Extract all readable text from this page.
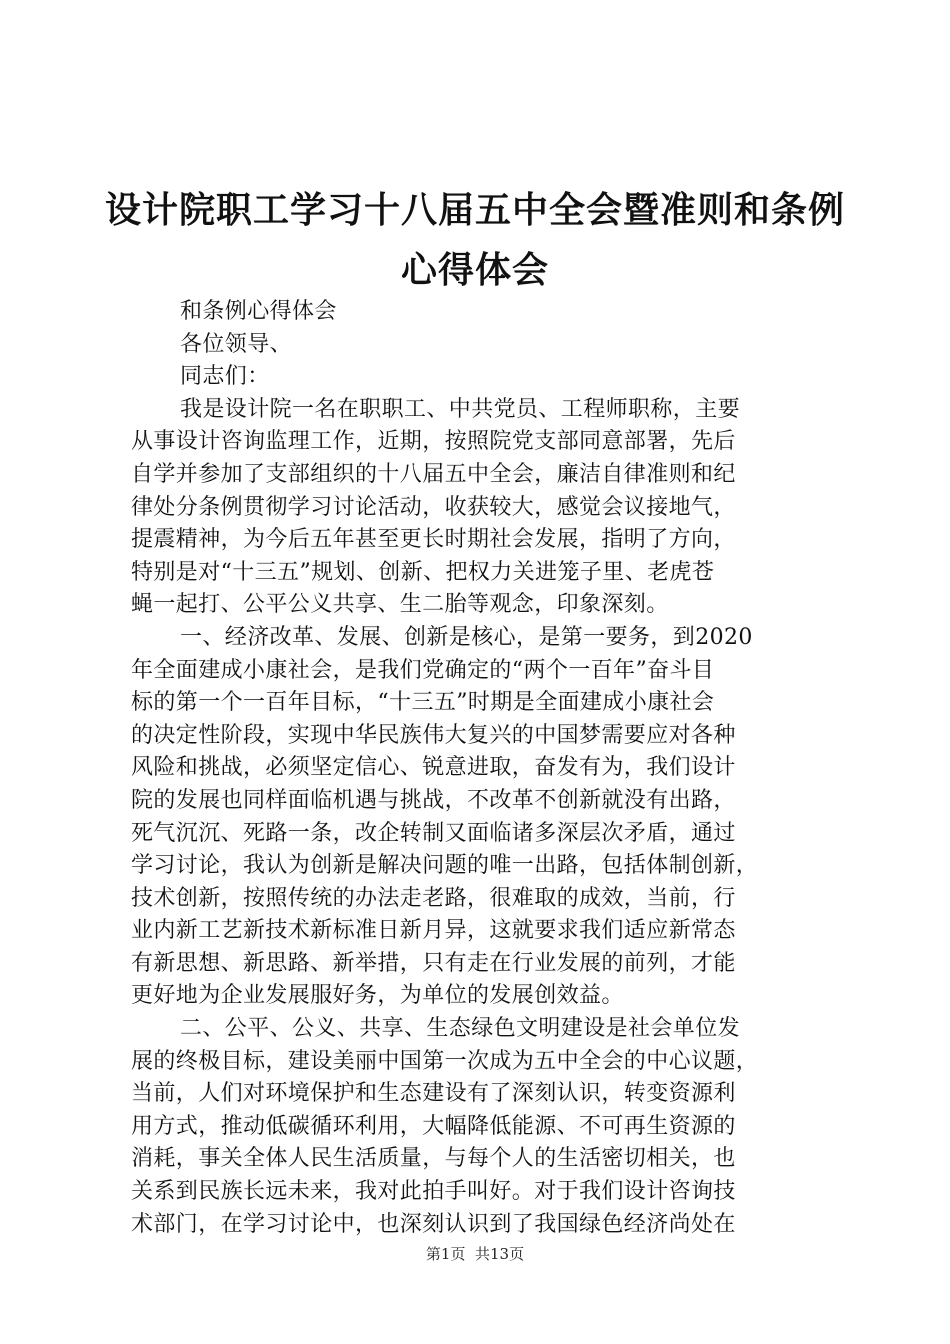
设计院职工学习十八届五中全会暨准则和条例
心得体会
和条例心得体会
各位领导、
同志们：
我是设计院一名在职职工、中共党员、工程师职称，主要
从事设计咨询监理工作，近期，按照院党支部同意部署，先后
自学并参加了支部组织的十八届五中全会，廉洁自律准则和纪
律处分条例贯彻学习讨论活动，收获较大，感觉会议接地气，
提震精神，为今后五年甚至更长时期社会发展，指明了方向，
特别是对“十三五”规划、创新、把权力关进笼子里、老虎苍
蝇一起打、公平公义共享、生二胎等观念，印象深刻。
一、经济改革、发展、创新是核心，是第一要务，到2020
年全面建成小康社会，是我们党确定的“两个一百年”奋斗目
标的第一个一百年目标，“十三五”时期是全面建成小康社会
的决定性阶段，实现中华民族伟大复兴的中国梦需要应对各种
风险和挑战，必须坚定信心、锐意进取，奋发有为，我们设计
院的发展也同样面临机遇与挑战，不改革不创新就没有出路，
死气沉沉、死路一条，改企转制又面临诸多深层次矛盾，通过
学习讨论，我认为创新是解决问题的唯一出路，包括体制创新，
技术创新，按照传统的办法走老路，很难取的成效，当前，行
业内新工艺新技术新标准日新月异，这就要求我们适应新常态
有新思想、新思路、新举措，只有走在行业发展的前列，才能
更好地为企业发展服好务，为单位的发展创效益。
二、公平、公义、共享、生态绿色文明建设是社会单位发
展的终极目标，建设美丽中国第一次成为五中全会的中心议题，
当前，人们对环境保护和生态建设有了深刻认识，转变资源利
用方式，推动低碳循环利用，大幅降低能源、不可再生资源的
消耗，事关全体人民生活质量，与每个人的生活密切相关，也
关系到民族长远未来，我对此拍手叫好。对于我们设计咨询技
术部门，在学习讨论中，也深刻认识到了我国绿色经济尚处在
第1页  共13页
